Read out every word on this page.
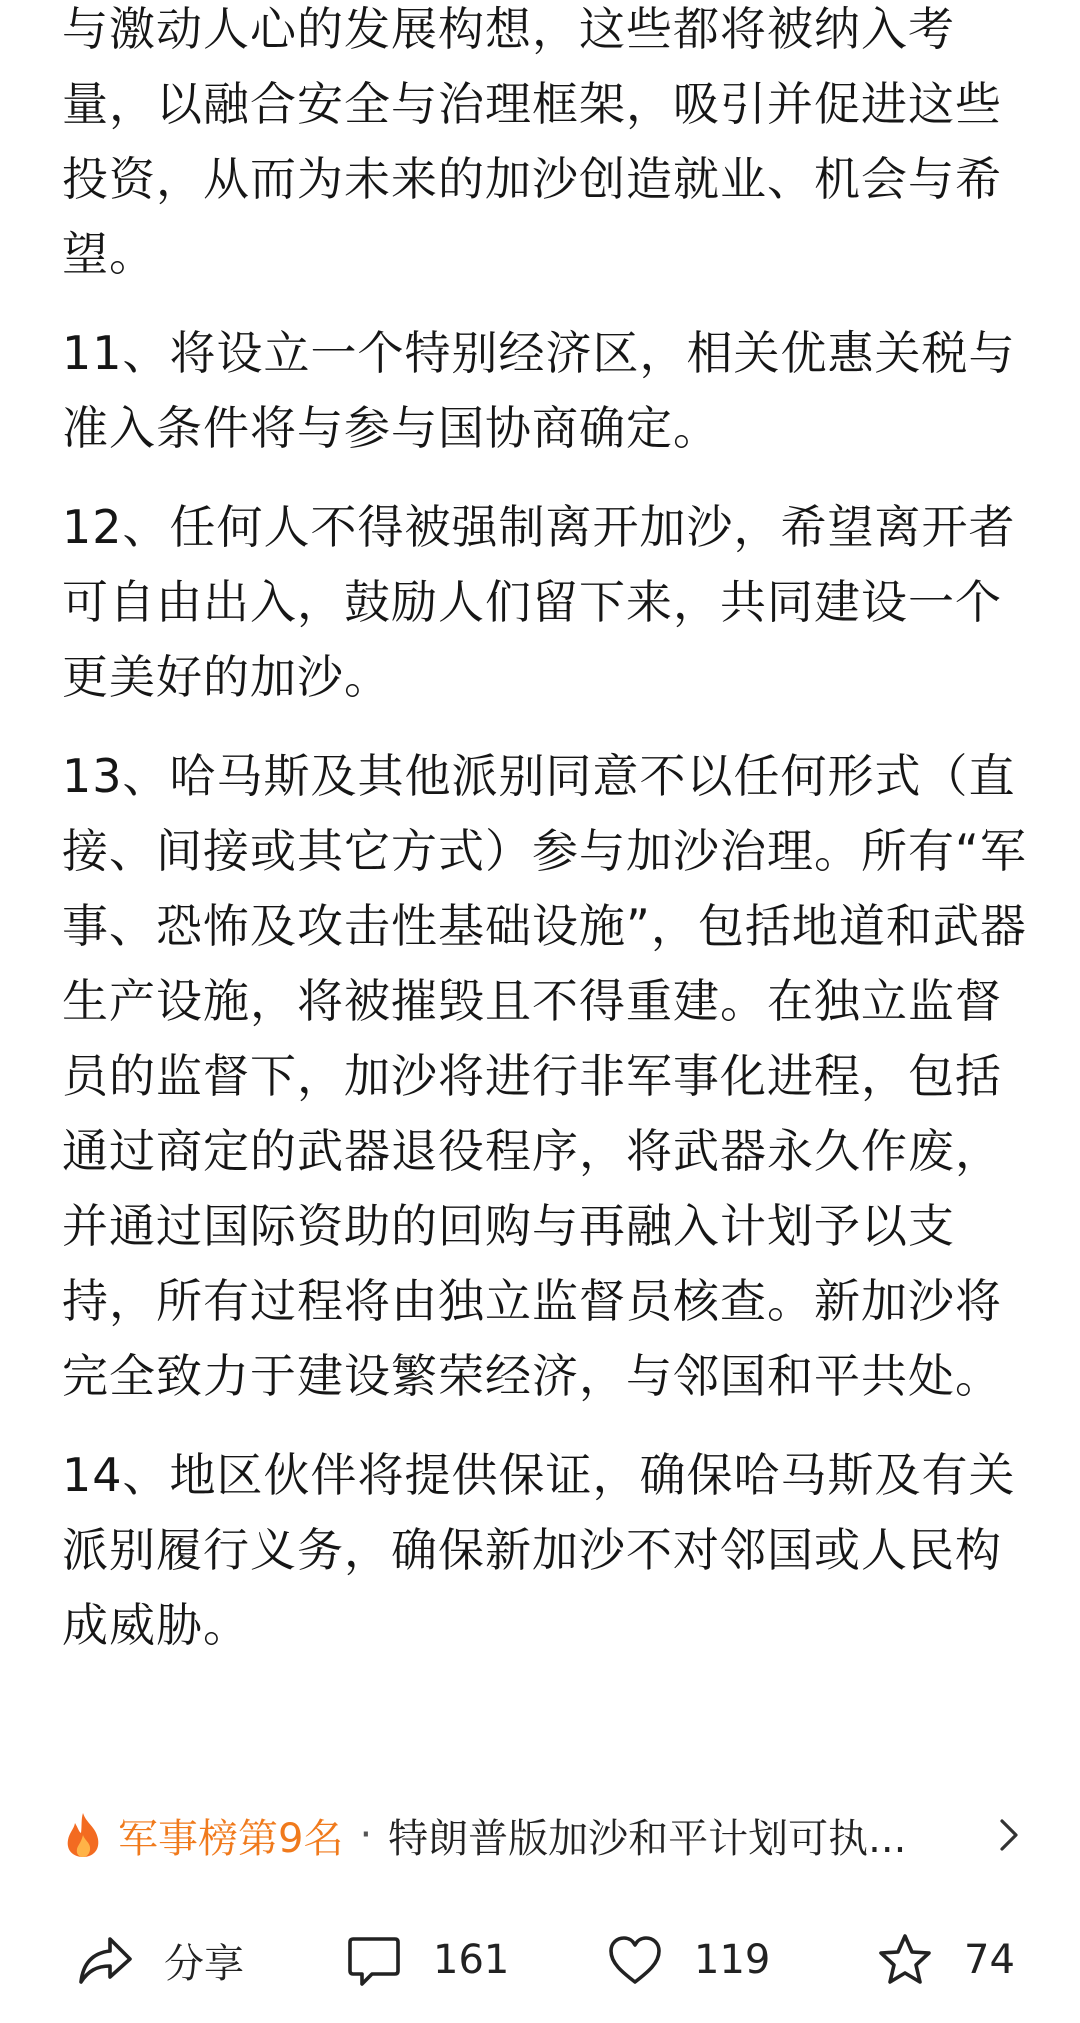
与激动人心的发展构想，这些都将被纳入考量，以融合安全与治理框架，吸引并促进这些投资，从而为未来的加沙创造就业、机会与希望。

11、将设立一个特别经济区，相关优惠关税与准入条件将与参与国协商确定。

12、任何人不得被强制离开加沙，希望离开者可自由出入，鼓励人们留下来，共同建设一个更美好的加沙。

13、哈马斯及其他派别同意不以任何形式（直接、间接或其它方式）参与加沙治理。所有“军事、恐怖及攻击性基础设施”，包括地道和武器生产设施，将被摧毁且不得重建。在独立监督员的监督下，加沙将进行非军事化进程，包括通过商定的武器退役程序，将武器永久作废，并通过国际资助的回购与再融入计划予以支持，所有过程将由独立监督员核查。新加沙将完全致力于建设繁荣经济，与邻国和平共处。

14、地区伙伴将提供保证，确保哈马斯及有关派别履行义务，确保新加沙不对邻国或人民构成威胁。

军事榜第9名 · 特朗普版加沙和平计划可执...
分享	161	119	74
